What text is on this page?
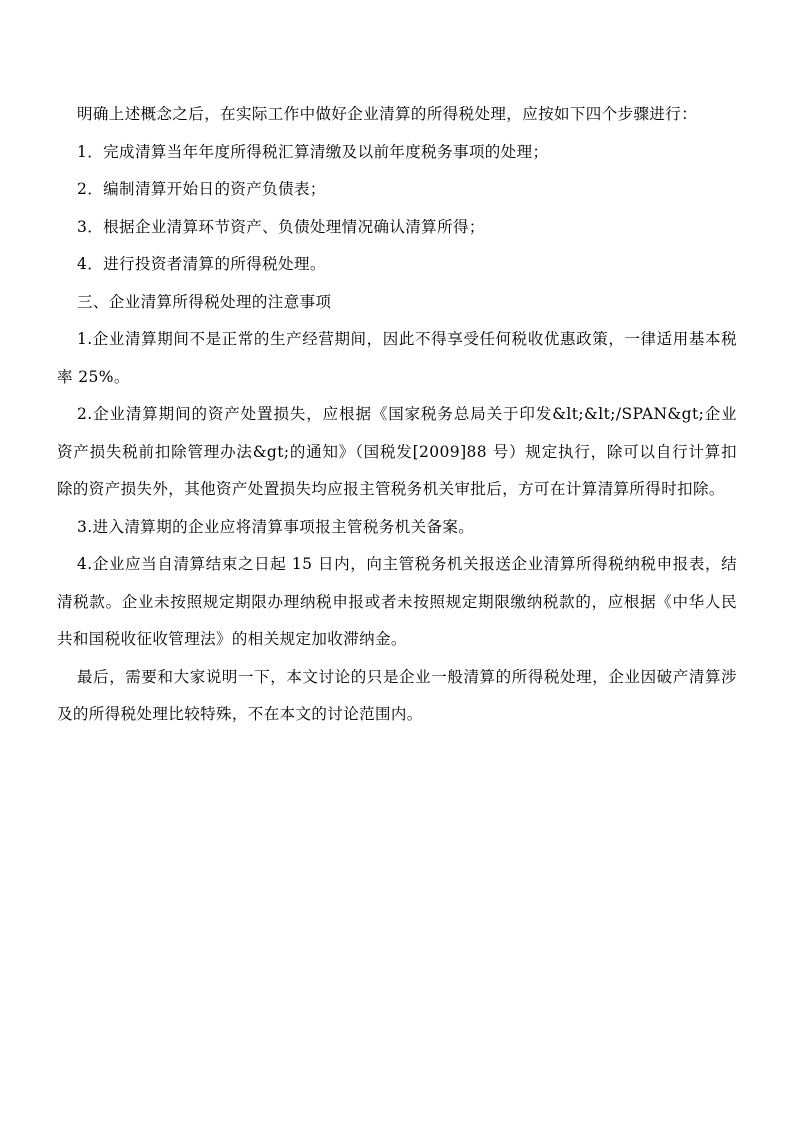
明确上述概念之后，在实际工作中做好企业清算的所得税处理，应按如下四个步骤进行：

1．完成清算当年年度所得税汇算清缴及以前年度税务事项的处理；

2．编制清算开始日的资产负债表；

3．根据企业清算环节资产、负债处理情况确认清算所得；

4．进行投资者清算的所得税处理。

三、企业清算所得税处理的注意事项

1.企业清算期间不是正常的生产经营期间，因此不得享受任何税收优惠政策，一律适用基本税率 25%。

2.企业清算期间的资产处置损失，应根据《国家税务总局关于印发&lt;&lt;/SPAN&gt;企业资产损失税前扣除管理办法&gt;的通知》（国税发[2009]88 号）规定执行，除可以自行计算扣除的资产损失外，其他资产处置损失均应报主管税务机关审批后，方可在计算清算所得时扣除。

3.进入清算期的企业应将清算事项报主管税务机关备案。

4.企业应当自清算结束之日起 15 日内，向主管税务机关报送企业清算所得税纳税申报表，结清税款。企业未按照规定期限办理纳税申报或者未按照规定期限缴纳税款的，应根据《中华人民共和国税收征收管理法》的相关规定加收滞纳金。

最后，需要和大家说明一下，本文讨论的只是企业一般清算的所得税处理，企业因破产清算涉及的所得税处理比较特殊，不在本文的讨论范围内。
